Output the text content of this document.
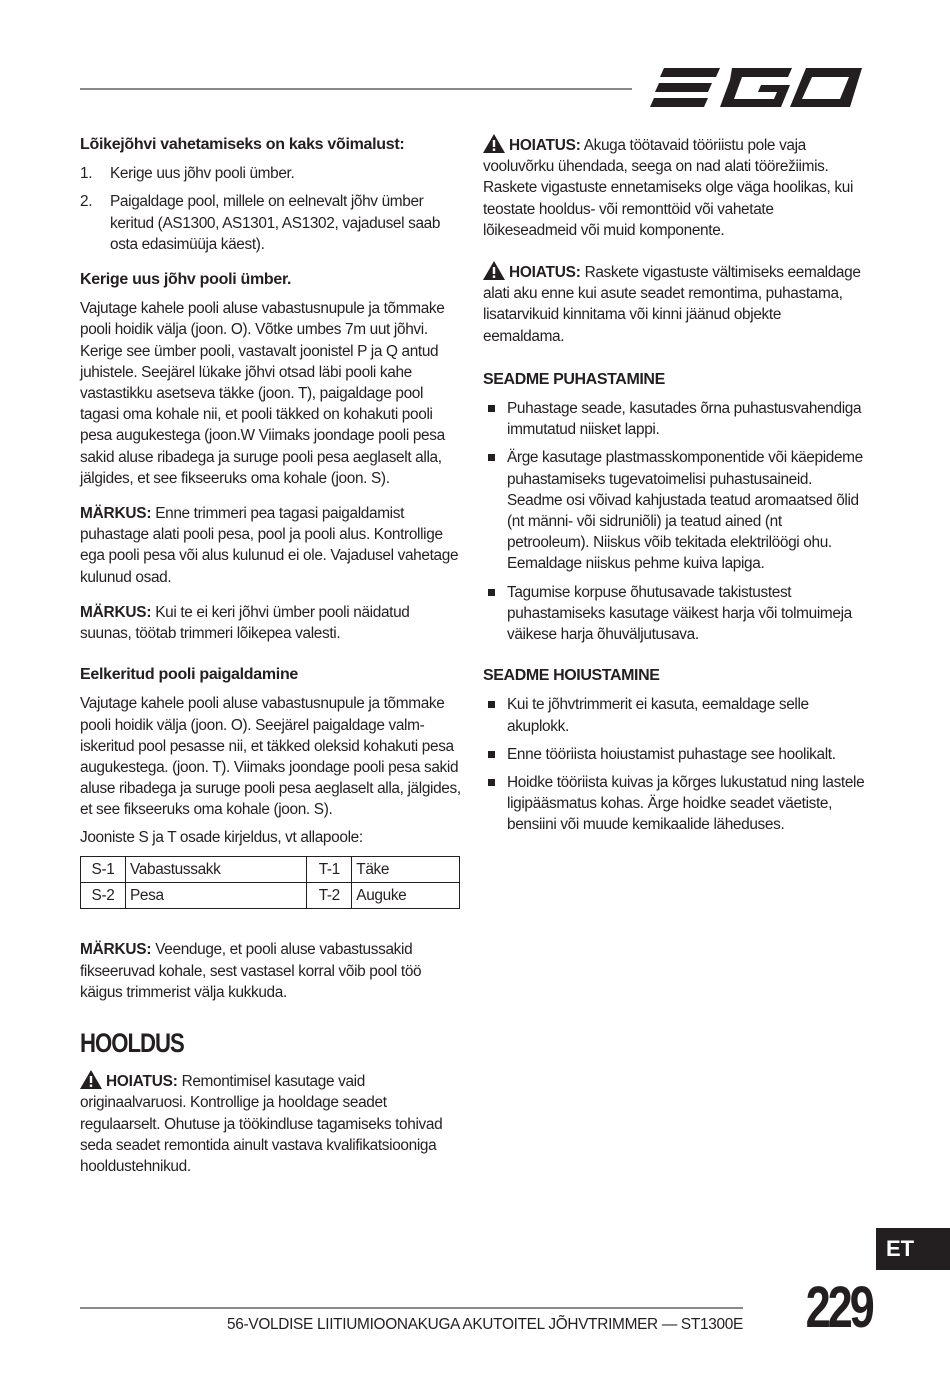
Lõikejõhvi vahetamiseks on kaks võimalust:
1.	Kerige uus jõhv pooli ümber.
2.	Paigaldage pool, millele on eelnevalt jõhv ümber keritud (AS1300, AS1301, AS1302, vajadusel saab osta edasimüüja käest).
Kerige uus jõhv pooli ümber.

Vajutage kahele pooli aluse vabastusnupule ja tõmmake pooli hoidik välja (joon. O). Võtke umbes 7m uut jõhvi. Kerige see ümber pooli, vastavalt joonistel P ja Q antud juhistele. Seejärel lükake jõhvi otsad läbi pooli kahe vastastikku asetseva täkke (joon. T), paigaldage pool tagasi oma kohale nii, et pooli täkked on kohakuti pooli pesa augukestega (joon.W Viimaks joondage pooli pesa sakid aluse ribadega ja suruge pooli pesa aeglaselt alla, jälgides, et see fikseeruks oma kohale (joon. S).

MÄRKUS: Enne trimmeri pea tagasi paigaldamist puhastage alati pooli pesa, pool ja pooli alus. Kontrollige ega pooli pesa või alus kulunud ei ole. Vajadusel vahetage kulunud osad.

MÄRKUS: Kui te ei keri jõhvi ümber pooli näidatud suunas, töötab trimmeri lõikepea valesti.

Eelkeritud pooli paigaldamine

Vajutage kahele pooli aluse vabastusnupule ja tõmmake pooli hoidik välja (joon. O). Seejärel paigaldage valm-iskeritud pool pesasse nii, et täkked oleksid kohakuti pesa augukestega. (joon. T). Viimaks joondage pooli pesa sakid aluse ribadega ja suruge pooli pesa aeglaselt alla, jälgides, et see fikseeruks oma kohale (joon. S).

Jooniste S ja T osade kirjeldus, vt allapoole:

S-1	Vabastussakk	T-1	Täke
S-2	Pesa	T-2	Auguke

MÄRKUS: Veenduge, et pooli aluse vabastussakid fikseeruvad kohale, sest vastasel korral võib pool töö käigus trimmerist välja kukkuda.

HOOLDUS

HOIATUS: Remontimisel kasutage vaid originaalvaruosi. Kontrollige ja hooldage seadet regulaarselt. Ohutuse ja töökindluse tagamiseks tohivad seda seadet remontida ainult vastava kvalifikatsiooniga hooldustehnikud.

HOIATUS: Akuga töötavaid tööriistu pole vaja vooluvõrku ühendada, seega on nad alati töörežiimis. Raskete vigastuste ennetamiseks olge väga hoolikas, kui teostate hooldus- või remonttöid või vahetate lõikeseadmeid või muid komponente.

HOIATUS: Raskete vigastuste vältimiseks eemaldage alati aku enne kui asute seadet remontima, puhastama, lisatarvikuid kinnitama või kinni jäänud objekte eemaldama.

SEADME PUHASTAMINE
Puhastage seade, kasutades õrna puhastusvahendiga immutatud niisket lappi.
Ärge kasutage plastmasskomponentide või käepideme puhastamiseks tugevatoimelisi puhastusaineid. Seadme osi võivad kahjustada teatud aromaatsed õlid (nt männi- või sidruniõli) ja teatud ained (nt petrooleum). Niiskus võib tekitada elektrilöögi ohu. Eemaldage niiskus pehme kuiva lapiga.
Tagumise korpuse õhutusavade takistustest puhastamiseks kasutage väikest harja või tolmuimeja väikese harja õhuväljutusava.
SEADME HOIUSTAMINE
Kui te jõhvtrimmerit ei kasuta, eemaldage selle akuplokk.
Enne tööriista hoiustamist puhastage see hoolikalt.
Hoidke tööriista kuivas ja kõrges lukustatud ning lastele ligipääsmatus kohas. Ärge hoidke seadet väetiste, bensiini või muude kemikaalide läheduses.
ET
56-VOLDISE LIITIUMIOONAKUGA AKUTOITEL JÕHVTRIMMER — ST1300E 229
